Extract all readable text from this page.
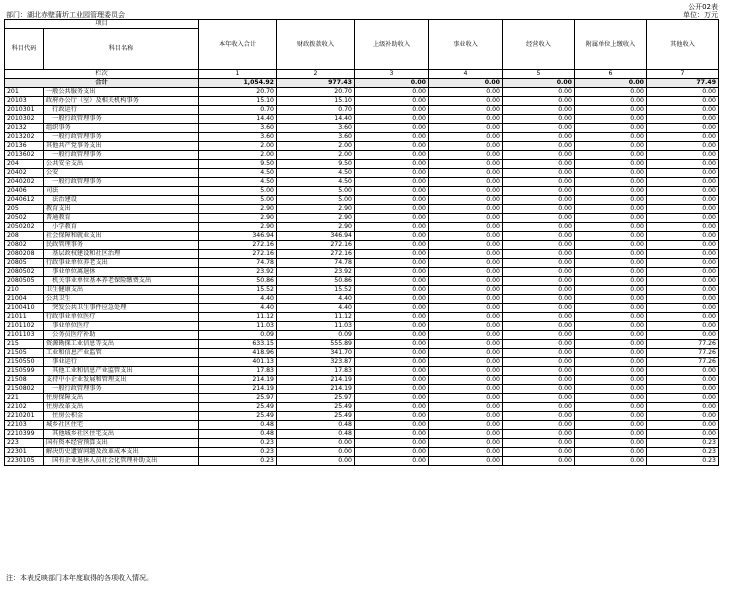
部门：湖北赤壁蒲圻工业园管理委员会
公开02表
单位：万元
项目		本年收入合计	财政拨款收入	上级补助收入	事业收入	经营收入	附属单位上缴收入	其他收入
科目代码	科目名称							
栏次		1	2	3	4	5	6	7
合计		1,054.92	977.43	0.00	0.00	0.00	0.00	77.49
201	一般公共服务支出	20.70	20.70	0.00	0.00	0.00	0.00	0.00
20103	政府办公厅（室）及相关机构事务	15.10	15.10	0.00	0.00	0.00	0.00	0.00
2010301	　行政运行	0.70	0.70	0.00	0.00	0.00	0.00	0.00
2010302	　一般行政管理事务	14.40	14.40	0.00	0.00	0.00	0.00	0.00
20132	组织事务	3.60	3.60	0.00	0.00	0.00	0.00	0.00
2013202	　一般行政管理事务	3.60	3.60	0.00	0.00	0.00	0.00	0.00
20136	其他共产党事务支出	2.00	2.00	0.00	0.00	0.00	0.00	0.00
2013602	　一般行政管理事务	2.00	2.00	0.00	0.00	0.00	0.00	0.00
204	公共安全支出	9.50	9.50	0.00	0.00	0.00	0.00	0.00
20402	公安	4.50	4.50	0.00	0.00	0.00	0.00	0.00
2040202	　一般行政管理事务	4.50	4.50	0.00	0.00	0.00	0.00	0.00
20406	司法	5.00	5.00	0.00	0.00	0.00	0.00	0.00
2040612	　法治建设	5.00	5.00	0.00	0.00	0.00	0.00	0.00
205	教育支出	2.90	2.90	0.00	0.00	0.00	0.00	0.00
20502	普通教育	2.90	2.90	0.00	0.00	0.00	0.00	0.00
2050202	　小学教育	2.90	2.90	0.00	0.00	0.00	0.00	0.00
208	社会保障和就业支出	346.94	346.94	0.00	0.00	0.00	0.00	0.00
20802	民政管理事务	272.16	272.16	0.00	0.00	0.00	0.00	0.00
2080208	　基层政权建设和社区治理	272.16	272.16	0.00	0.00	0.00	0.00	0.00
20805	行政事业单位养老支出	74.78	74.78	0.00	0.00	0.00	0.00	0.00
2080502	　事业单位离退休	23.92	23.92	0.00	0.00	0.00	0.00	0.00
2080505	　机关事业单位基本养老保险缴费支出	50.86	50.86	0.00	0.00	0.00	0.00	0.00
210	卫生健康支出	15.52	15.52	0.00	0.00	0.00	0.00	0.00
21004	公共卫生	4.40	4.40	0.00	0.00	0.00	0.00	0.00
2100410	　突发公共卫生事件应急处理	4.40	4.40	0.00	0.00	0.00	0.00	0.00
21011	行政事业单位医疗	11.12	11.12	0.00	0.00	0.00	0.00	0.00
2101102	　事业单位医疗	11.03	11.03	0.00	0.00	0.00	0.00	0.00
2101103	　公务员医疗补助	0.09	0.09	0.00	0.00	0.00	0.00	0.00
215	资源勘探工业信息等支出	633.15	555.89	0.00	0.00	0.00	0.00	77.26
21505	工业和信息产业监管	418.96	341.70	0.00	0.00	0.00	0.00	77.26
2150550	　事业运行	401.13	323.87	0.00	0.00	0.00	0.00	77.26
2150599	　其他工业和信息产业监管支出	17.83	17.83	0.00	0.00	0.00	0.00	0.00
21508	支持中小企业发展和管理支出	214.19	214.19	0.00	0.00	0.00	0.00	0.00
2150802	　一般行政管理事务	214.19	214.19	0.00	0.00	0.00	0.00	0.00
221	住房保障支出	25.97	25.97	0.00	0.00	0.00	0.00	0.00
22102	住房改革支出	25.49	25.49	0.00	0.00	0.00	0.00	0.00
2210201	　住房公积金	25.49	25.49	0.00	0.00	0.00	0.00	0.00
22103	城乡社区住宅	0.48	0.48	0.00	0.00	0.00	0.00	0.00
2210399	　其他城乡社区住宅支出	0.48	0.48	0.00	0.00	0.00	0.00	0.00
223	国有资本经营预算支出	0.23	0.00	0.00	0.00	0.00	0.00	0.23
22301	解决历史遗留问题及改革成本支出	0.23	0.00	0.00	0.00	0.00	0.00	0.23
2230105	　国有企业退休人员社会化管理补助支出	0.23	0.00	0.00	0.00	0.00	0.00	0.23
注：本表反映部门本年度取得的各项收入情况。
